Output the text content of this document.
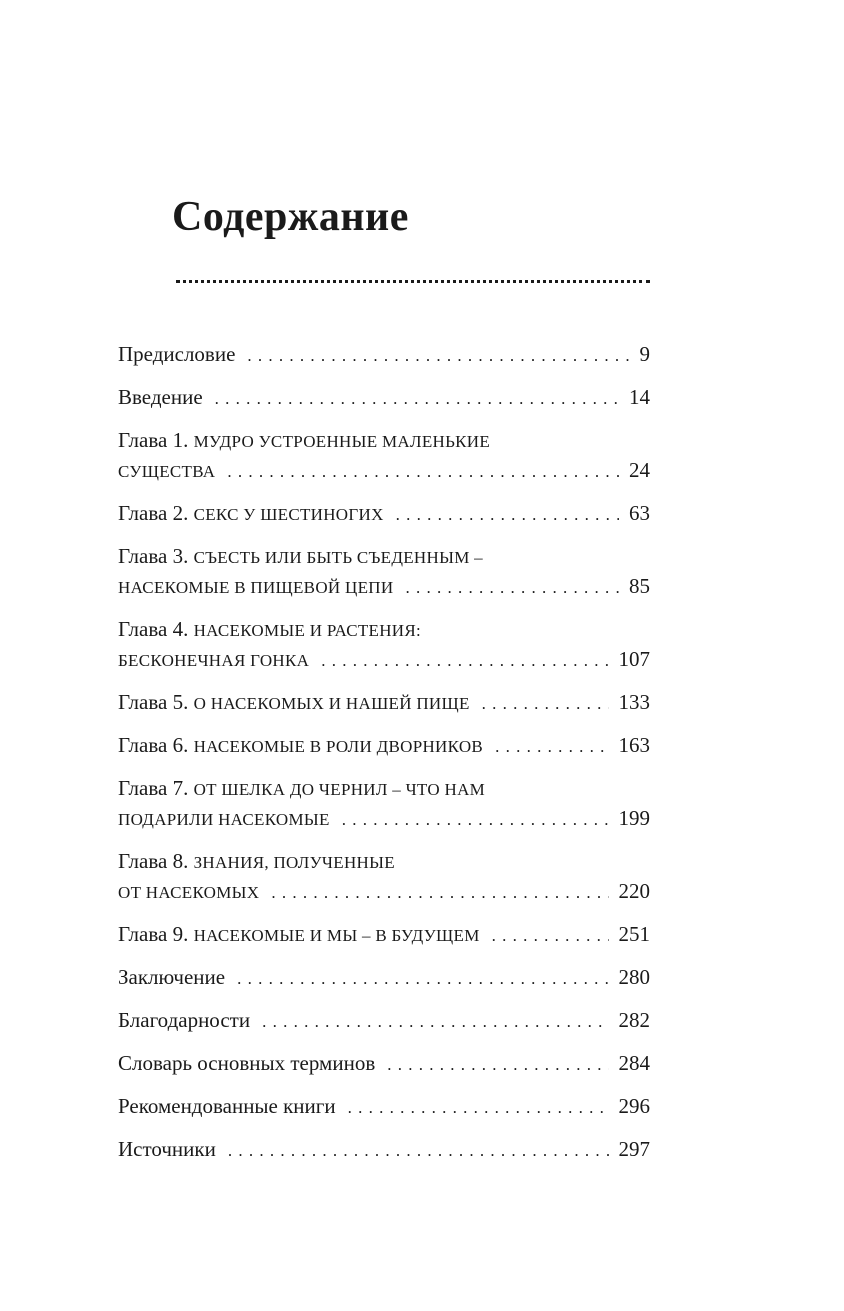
Содержание
Предисловие . . .	9
Введение . . .	14
Глава 1. МУДРО УСТРОЕННЫЕ МАЛЕНЬКИЕ
СУЩЕСТВА . . .	24
Глава 2. СЕКС У ШЕСТИНОГИХ . . .	63
Глава 3. СЪЕСТЬ ИЛИ БЫТЬ СЪЕДЕННЫМ –
НАСЕКОМЫЕ В ПИЩЕВОЙ ЦЕПИ . . .	85
Глава 4. НАСЕКОМЫЕ И РАСТЕНИЯ:
БЕСКОНЕЧНАЯ ГОНКА . . .	107
Глава 5. О НАСЕКОМЫХ И НАШЕЙ ПИЩЕ . . .	133
Глава 6. НАСЕКОМЫЕ В РОЛИ ДВОРНИКОВ . . .	163
Глава 7. ОТ ШЕЛКА ДО ЧЕРНИЛ – ЧТО НАМ
ПОДАРИЛИ НАСЕКОМЫЕ . . .	199
Глава 8. ЗНАНИЯ, ПОЛУЧЕННЫЕ
ОТ НАСЕКОМЫХ . . .	220
Глава 9. НАСЕКОМЫЕ И МЫ – В БУДУЩЕМ . . .	251
Заключение . . .	280
Благодарности . . .	282
Словарь основных терминов . . .	284
Рекомендованные книги . . .	296
Источники . . .	297
